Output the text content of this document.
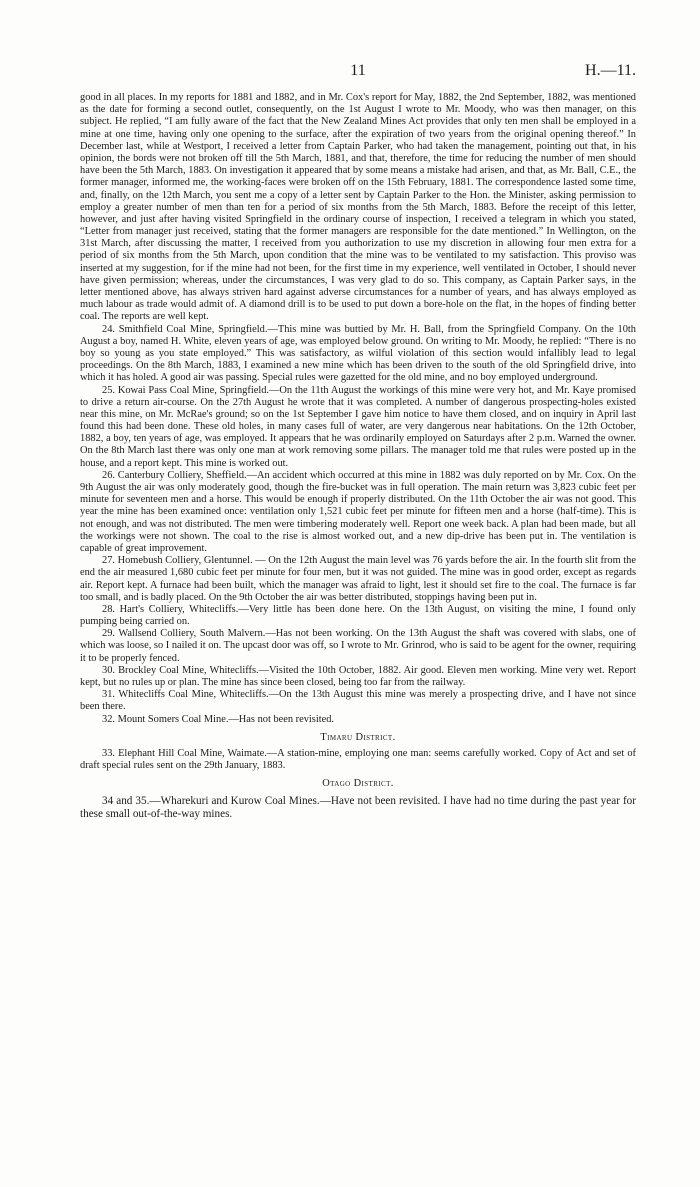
11	H.—11.

good in all places. In my reports for 1881 and 1882, and in Mr. Cox's report for May, 1882, the 2nd September, 1882, was mentioned as the date for forming a second outlet, consequently, on the 1st August I wrote to Mr. Moody, who was then manager, on this subject. He replied, “I am fully aware of the fact that the New Zealand Mines Act provides that only ten men shall be employed in a mine at one time, having only one opening to the surface, after the expiration of two years from the original opening thereof.” In December last, while at Westport, I received a letter from Captain Parker, who had taken the management, pointing out that, in his opinion, the bords were not broken off till the 5th March, 1881, and that, therefore, the time for reducing the number of men should have been the 5th March, 1883. On investigation it appeared that by some means a mistake had arisen, and that, as Mr. Ball, C.E., the former manager, informed me, the working-faces were broken off on the 15th February, 1881. The correspondence lasted some time, and, finally, on the 12th March, you sent me a copy of a letter sent by Captain Parker to the Hon. the Minister, asking permission to employ a greater number of men than ten for a period of six months from the 5th March, 1883. Before the receipt of this letter, however, and just after having visited Springfield in the ordinary course of inspection, I received a telegram in which you stated, “Letter from manager just received, stating that the former managers are responsible for the date mentioned.” In Wellington, on the 31st March, after discussing the matter, I received from you authorization to use my discretion in allowing four men extra for a period of six months from the 5th March, upon condition that the mine was to be ventilated to my satisfaction. This proviso was inserted at my suggestion, for if the mine had not been, for the first time in my experience, well ventilated in October, I should never have given permission; whereas, under the circumstances, I was very glad to do so. This company, as Captain Parker says, in the letter mentioned above, has always striven hard against adverse circumstances for a number of years, and has always employed as much labour as trade would admit of. A diamond drill is to be used to put down a bore-hole on the flat, in the hopes of finding better coal. The reports are well kept.

24. Smithfield Coal Mine, Springfield.—This mine was buttied by Mr. H. Ball, from the Springfield Company. On the 10th August a boy, named H. White, eleven years of age, was employed below ground. On writing to Mr. Moody, he replied: “There is no boy so young as you state employed.” This was satisfactory, as wilful violation of this section would infallibly lead to legal proceedings. On the 8th March, 1883, I examined a new mine which has been driven to the south of the old Springfield drive, into which it has holed. A good air was passing. Special rules were gazetted for the old mine, and no boy employed underground.

25. Kowai Pass Coal Mine, Springfield.—On the 11th August the workings of this mine were very hot, and Mr. Kaye promised to drive a return air-course. On the 27th August he wrote that it was completed. A number of dangerous prospecting-holes existed near this mine, on Mr. McRae's ground; so on the 1st September I gave him notice to have them closed, and on inquiry in April last found this had been done. These old holes, in many cases full of water, are very dangerous near habitations. On the 12th October, 1882, a boy, ten years of age, was employed. It appears that he was ordinarily employed on Saturdays after 2 p.m. Warned the owner. On the 8th March last there was only one man at work removing some pillars. The manager told me that rules were posted up in the house, and a report kept. This mine is worked out.

26. Canterbury Colliery, Sheffield.—An accident which occurred at this mine in 1882 was duly reported on by Mr. Cox. On the 9th August the air was only moderately good, though the fire-bucket was in full operation. The main return was 3,823 cubic feet per minute for seventeen men and a horse. This would be enough if properly distributed. On the 11th October the air was not good. This year the mine has been examined once: ventilation only 1,521 cubic feet per minute for fifteen men and a horse (half-time). This is not enough, and was not distributed. The men were timbering moderately well. Report one week back. A plan had been made, but all the workings were not shown. The coal to the rise is almost worked out, and a new dip-drive has been put in. The ventilation is capable of great improvement.

27. Homebush Colliery, Glentunnel. — On the 12th August the main level was 76 yards before the air. In the fourth slit from the end the air measured 1,680 cubic feet per minute for four men, but it was not guided. The mine was in good order, except as regards air. Report kept. A furnace had been built, which the manager was afraid to light, lest it should set fire to the coal. The furnace is far too small, and is badly placed. On the 9th October the air was better distributed, stoppings having been put in.

28. Hart's Colliery, Whitecliffs.—Very little has been done here. On the 13th August, on visiting the mine, I found only pumping being carried on.

29. Wallsend Colliery, South Malvern.—Has not been working. On the 13th August the shaft was covered with slabs, one of which was loose, so I nailed it on. The upcast door was off, so I wrote to Mr. Grinrod, who is said to be agent for the owner, requiring it to be properly fenced.

30. Brockley Coal Mine, Whitecliffs.—Visited the 10th October, 1882. Air good. Eleven men working. Mine very wet. Report kept, but no rules up or plan. The mine has since been closed, being too far from the railway.

31. Whitecliffs Coal Mine, Whitecliffs.—On the 13th August this mine was merely a prospecting drive, and I have not since been there.

32. Mount Somers Coal Mine.—Has not been revisited.

Timaru District.

33. Elephant Hill Coal Mine, Waimate.—A station-mine, employing one man: seems carefully worked. Copy of Act and set of draft special rules sent on the 29th January, 1883.

Otago District.

34 and 35.—Wharekuri and Kurow Coal Mines.—Have not been revisited. I have had no time during the past year for these small out-of-the-way mines.
